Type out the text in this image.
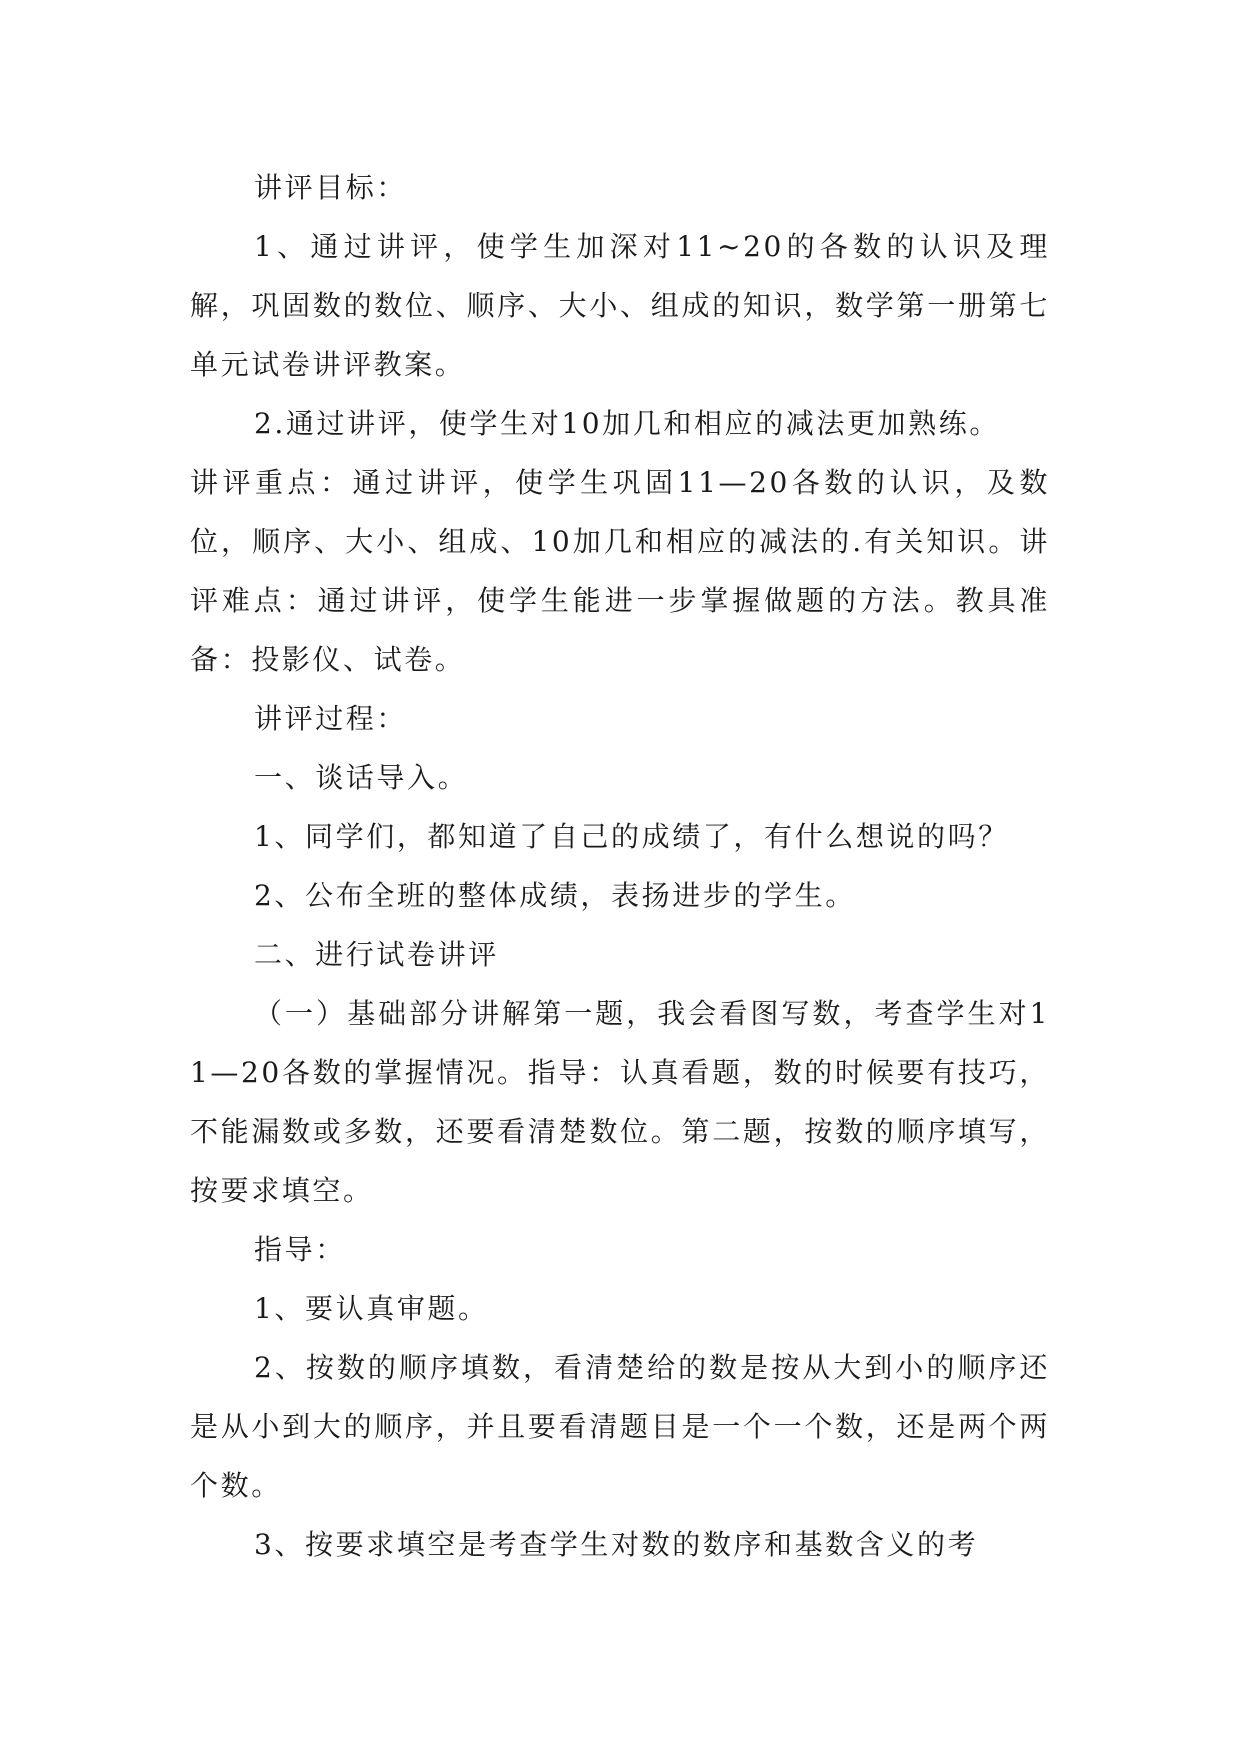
讲评目标：

1、通过讲评，使学生加深对11~20的各数的认识及理解，巩固数的数位、顺序、大小、组成的知识，数学第一册第七单元试卷讲评教案。

2.通过讲评，使学生对10加几和相应的减法更加熟练。

讲评重点：通过讲评，使学生巩固11—20各数的认识，及数位，顺序、大小、组成、10加几和相应的减法的.有关知识。讲评难点：通过讲评，使学生能进一步掌握做题的方法。教具准备：投影仪、试卷。

讲评过程：

一、谈话导入。

1、同学们，都知道了自己的成绩了，有什么想说的吗？

2、公布全班的整体成绩，表扬进步的学生。

二、进行试卷讲评

（一）基础部分讲解第一题，我会看图写数，考查学生对11—20各数的掌握情况。指导：认真看题，数的时候要有技巧，不能漏数或多数，还要看清楚数位。第二题，按数的顺序填写，按要求填空。

指导：

1、要认真审题。

2、按数的顺序填数，看清楚给的数是按从大到小的顺序还是从小到大的顺序，并且要看清题目是一个一个数，还是两个两个数。

3、按要求填空是考查学生对数的数序和基数含义的考
